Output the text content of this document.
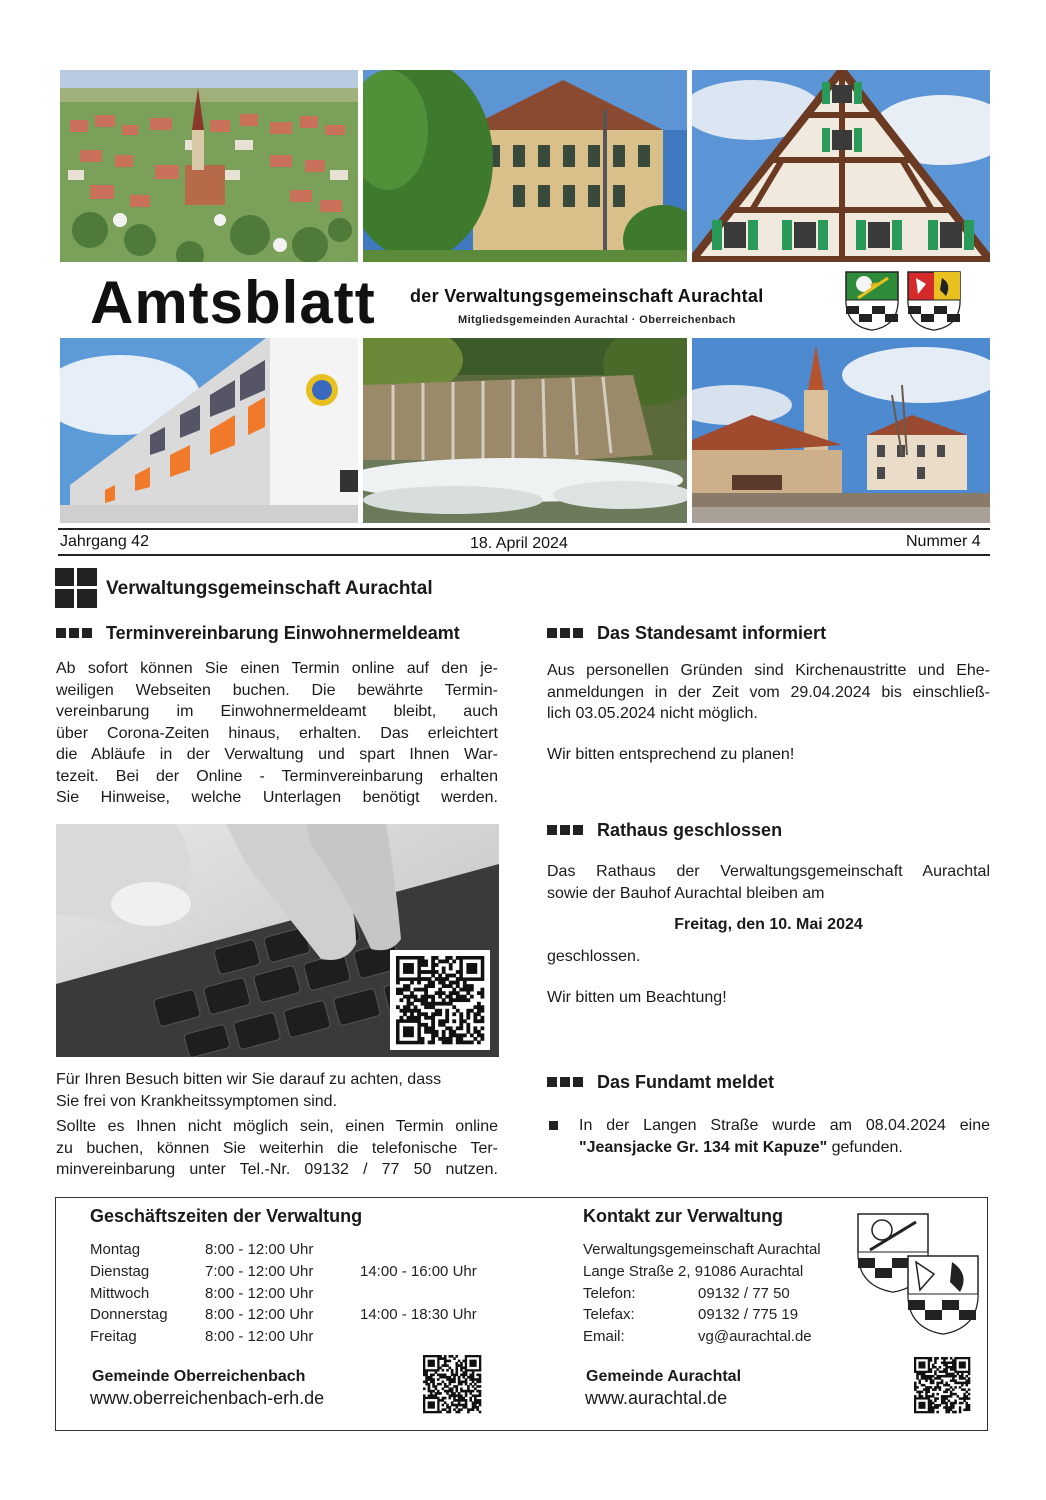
Amtsblatt der Verwaltungsgemeinschaft Aurachtal
Mitgliedsgemeinden Aurachtal · Oberreichenbach
Jahrgang 42	18. April 2024	Nummer 4
Verwaltungsgemeinschaft Aurachtal
Terminvereinbarung Einwohnermeldeamt
Ab sofort können Sie einen Termin online auf den je-
weiligen Webseiten buchen. Die bewährte Termin-
vereinbarung im Einwohnermeldeamt bleibt, auch
über Corona-Zeiten hinaus, erhalten. Das erleichtert
die Abläufe in der Verwaltung und spart Ihnen War-
tezeit. Bei der Online - Terminvereinbarung erhalten
Sie Hinweise, welche Unterlagen benötigt werden.
Für Ihren Besuch bitten wir Sie darauf zu achten, dass
Sie frei von Krankheitssymptomen sind.
Sollte es Ihnen nicht möglich sein, einen Termin online
zu buchen, können Sie weiterhin die telefonische Ter-
minvereinbarung unter Tel.-Nr. 09132 / 77 50 nutzen.
Das Standesamt informiert
Aus personellen Gründen sind Kirchenaustritte und Ehe-
anmeldungen in der Zeit vom 29.04.2024 bis einschließ-
lich 03.05.2024 nicht möglich.
Wir bitten entsprechend zu planen!
Rathaus geschlossen
Das Rathaus der Verwaltungsgemeinschaft Aurachtal
sowie der Bauhof Aurachtal bleiben am
Freitag, den 10. Mai 2024
geschlossen.
Wir bitten um Beachtung!
Das Fundamt meldet
In der Langen Straße wurde am 08.04.2024 eine
"Jeansjacke Gr. 134 mit Kapuze" gefunden.
Geschäftszeiten der Verwaltung
Montag	8:00 - 12:00 Uhr
Dienstag	7:00 - 12:00 Uhr	14:00 - 16:00 Uhr
Mittwoch	8:00 - 12:00 Uhr
Donnerstag	8:00 - 12:00 Uhr	14:00 - 18:30 Uhr
Freitag	8:00 - 12:00 Uhr
Kontakt zur Verwaltung
Verwaltungsgemeinschaft Aurachtal
Lange Straße 2, 91086 Aurachtal
Telefon:	09132 / 77 50
Telefax:	09132 / 775 19
Email:	vg@aurachtal.de
Gemeinde Oberreichenbach
www.oberreichenbach-erh.de
Gemeinde Aurachtal
www.aurachtal.de
